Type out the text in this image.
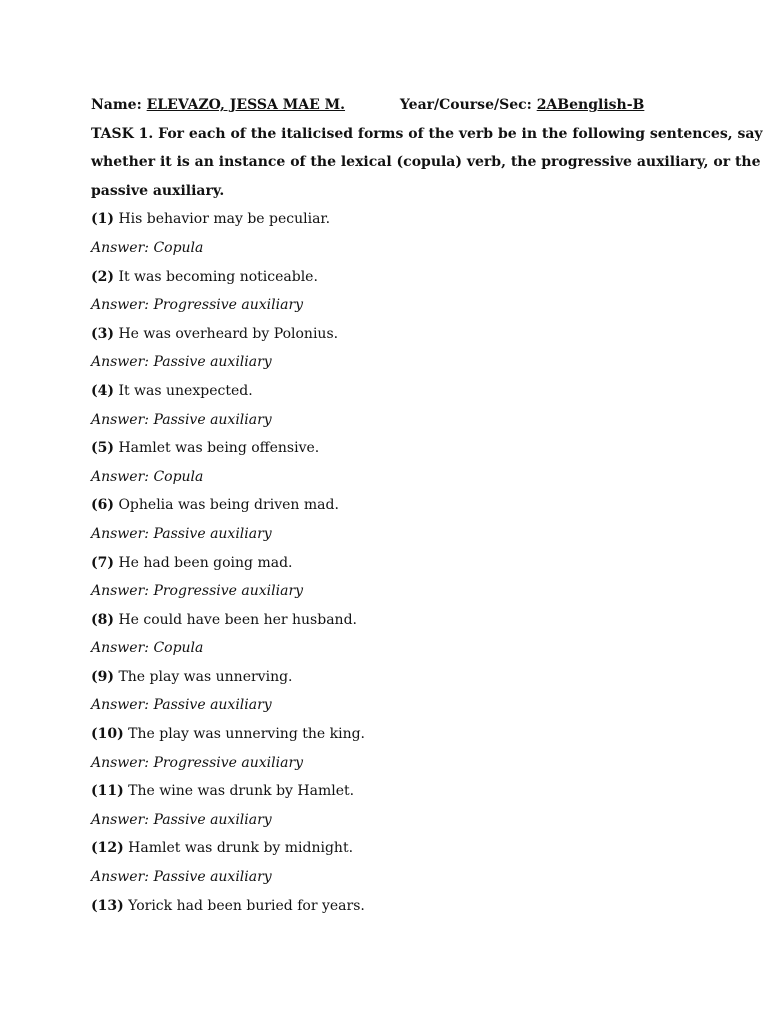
Name: ELEVAZO, JESSA MAE M.	Year/Course/Sec: 2ABenglish-B
TASK 1. For each of the italicised forms of the verb be in the following sentences, say
whether it is an instance of the lexical (copula) verb, the progressive auxiliary, or the
passive auxiliary.
(1) His behavior may be peculiar.
Answer: Copula
(2) It was becoming noticeable.
Answer: Progressive auxiliary
(3) He was overheard by Polonius.
Answer: Passive auxiliary
(4) It was unexpected.
Answer: Passive auxiliary
(5) Hamlet was being offensive.
Answer: Copula
(6) Ophelia was being driven mad.
Answer: Passive auxiliary
(7) He had been going mad.
Answer: Progressive auxiliary
(8) He could have been her husband.
Answer: Copula
(9) The play was unnerving.
Answer: Passive auxiliary
(10) The play was unnerving the king.
Answer: Progressive auxiliary
(11) The wine was drunk by Hamlet.
Answer: Passive auxiliary
(12) Hamlet was drunk by midnight.
Answer: Passive auxiliary
(13) Yorick had been buried for years.
